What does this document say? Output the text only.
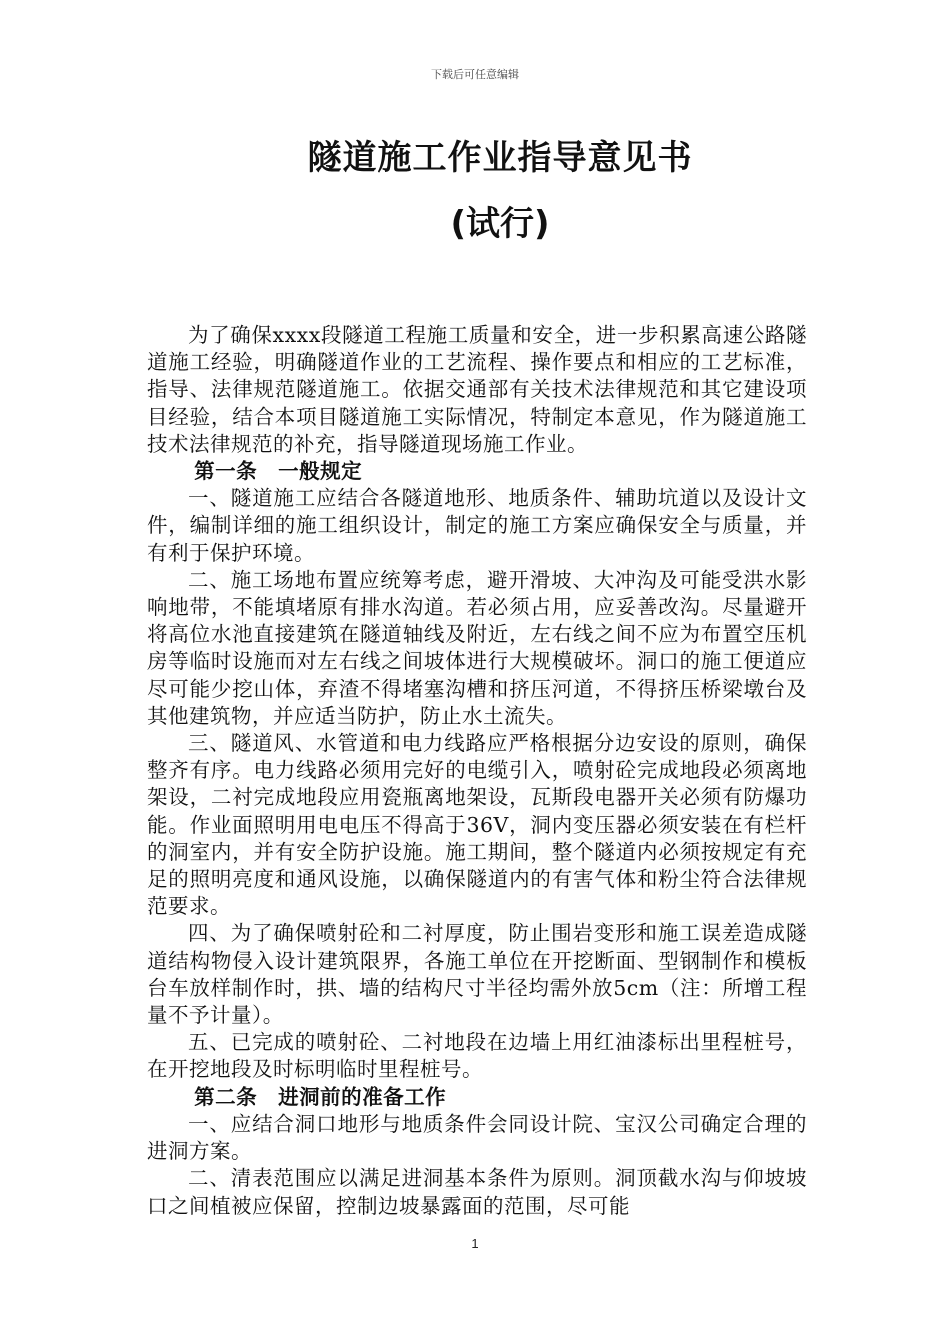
下载后可任意编辑
隧道施工作业指导意见书
(试行)

为了确保xxxx段隧道工程施工质量和安全，进一步积累高速公路隧道施工经验，明确隧道作业的工艺流程、操作要点和相应的工艺标准，指导、法律规范隧道施工。依据交通部有关技术法律规范和其它建设项目经验，结合本项目隧道施工实际情况，特制定本意见，作为隧道施工技术法律规范的补充，指导隧道现场施工作业。

第一条　一般规定

一、隧道施工应结合各隧道地形、地质条件、辅助坑道以及设计文件，编制详细的施工组织设计，制定的施工方案应确保安全与质量，并有利于保护环境。

二、施工场地布置应统筹考虑，避开滑坡、大冲沟及可能受洪水影响地带，不能填堵原有排水沟道。若必须占用，应妥善改沟。尽量避开将高位水池直接建筑在隧道轴线及附近，左右线之间不应为布置空压机房等临时设施而对左右线之间坡体进行大规模破坏。洞口的施工便道应尽可能少挖山体，弃渣不得堵塞沟槽和挤压河道，不得挤压桥梁墩台及其他建筑物，并应适当防护，防止水土流失。

三、隧道风、水管道和电力线路应严格根据分边安设的原则，确保整齐有序。电力线路必须用完好的电缆引入，喷射砼完成地段必须离地架设，二衬完成地段应用瓷瓶离地架设，瓦斯段电器开关必须有防爆功能。作业面照明用电电压不得高于36V，洞内变压器必须安装在有栏杆的洞室内，并有安全防护设施。施工期间，整个隧道内必须按规定有充足的照明亮度和通风设施，以确保隧道内的有害气体和粉尘符合法律规范要求。

四、为了确保喷射砼和二衬厚度，防止围岩变形和施工误差造成隧道结构物侵入设计建筑限界，各施工单位在开挖断面、型钢制作和模板台车放样制作时，拱、墙的结构尺寸半径均需外放5cm（注：所增工程量不予计量）。

五、已完成的喷射砼、二衬地段在边墙上用红油漆标出里程桩号，在开挖地段及时标明临时里程桩号。

第二条　进洞前的准备工作

一、应结合洞口地形与地质条件会同设计院、宝汉公司确定合理的进洞方案。

二、清表范围应以满足进洞基本条件为原则。洞顶截水沟与仰坡坡口之间植被应保留，控制边坡暴露面的范围，尽可能

1
